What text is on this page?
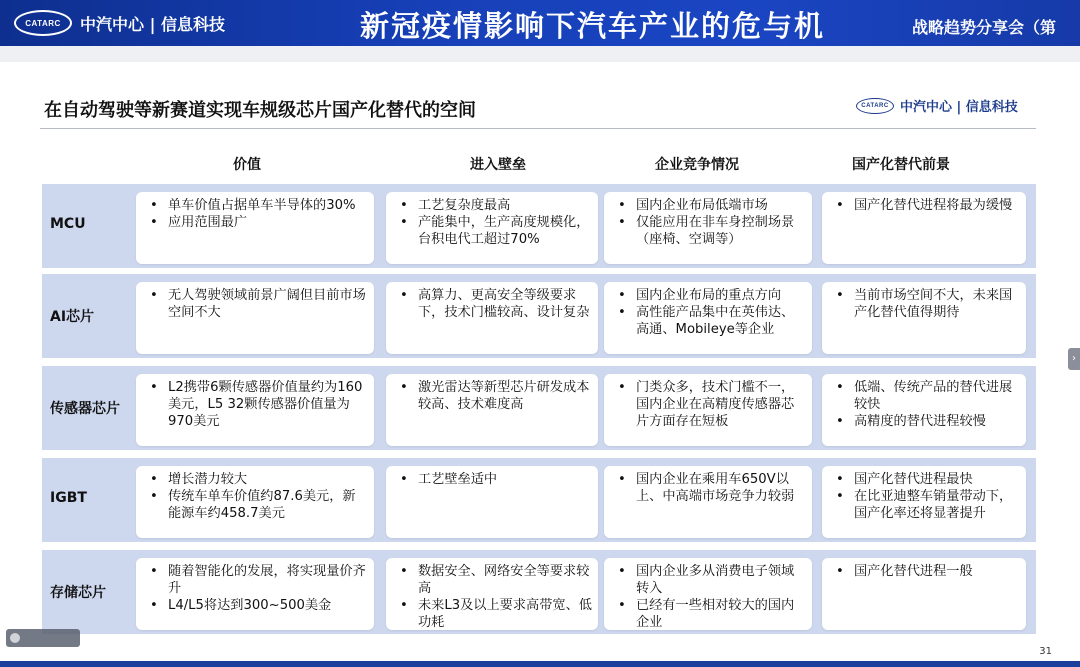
CATARC	中汽中心 | 信息科技	新冠疫情影响下汽车产业的危与机	战略趋势分享会（第
在自动驾驶等新赛道实现车规级芯片国产化替代的空间	CATARC 中汽中心 | 信息科技
价值	进入壁垒	企业竞争情况	国产化替代前景
MCU
• 单车价值占据单车半导体的30%
• 应用范围最广
• 工艺复杂度最高
• 产能集中，生产高度规模化，台积电代工超过70%
• 国内企业布局低端市场
• 仅能应用在非车身控制场景（座椅、空调等）
• 国产化替代进程将最为缓慢
AI芯片
• 无人驾驶领域前景广阔但目前市场空间不大
• 高算力、更高安全等级要求下，技术门槛较高、设计复杂
• 国内企业布局的重点方向
• 高性能产品集中在英伟达、高通、Mobileye等企业
• 当前市场空间不大，未来国产化替代值得期待
传感器芯片
• L2携带6颗传感器价值量约为160美元，L5 32颗传感器价值量为970美元
• 激光雷达等新型芯片研发成本较高、技术难度高
• 门类众多，技术门槛不一，国内企业在高精度传感器芯片方面存在短板
• 低端、传统产品的替代进展较快
• 高精度的替代进程较慢
IGBT
• 增长潜力较大
• 传统车单车价值约87.6美元，新能源车约458.7美元
• 工艺壁垒适中
•	国内企业在乘用车650V以上、中高端市场竞争力较弱
• 国产化替代进程最快
• 在比亚迪整车销量带动下，国产化率还将显著提升
存储芯片
• 随着智能化的发展，将实现量价齐升
• L4/L5将达到300~500美金
• 数据安全、网络安全等要求较高
• 未来L3及以上要求高带宽、低功耗
• 国内企业多从消费电子领域转入
• 已经有一些相对较大的国内企业
• 国产化替代进程一般
31
›
